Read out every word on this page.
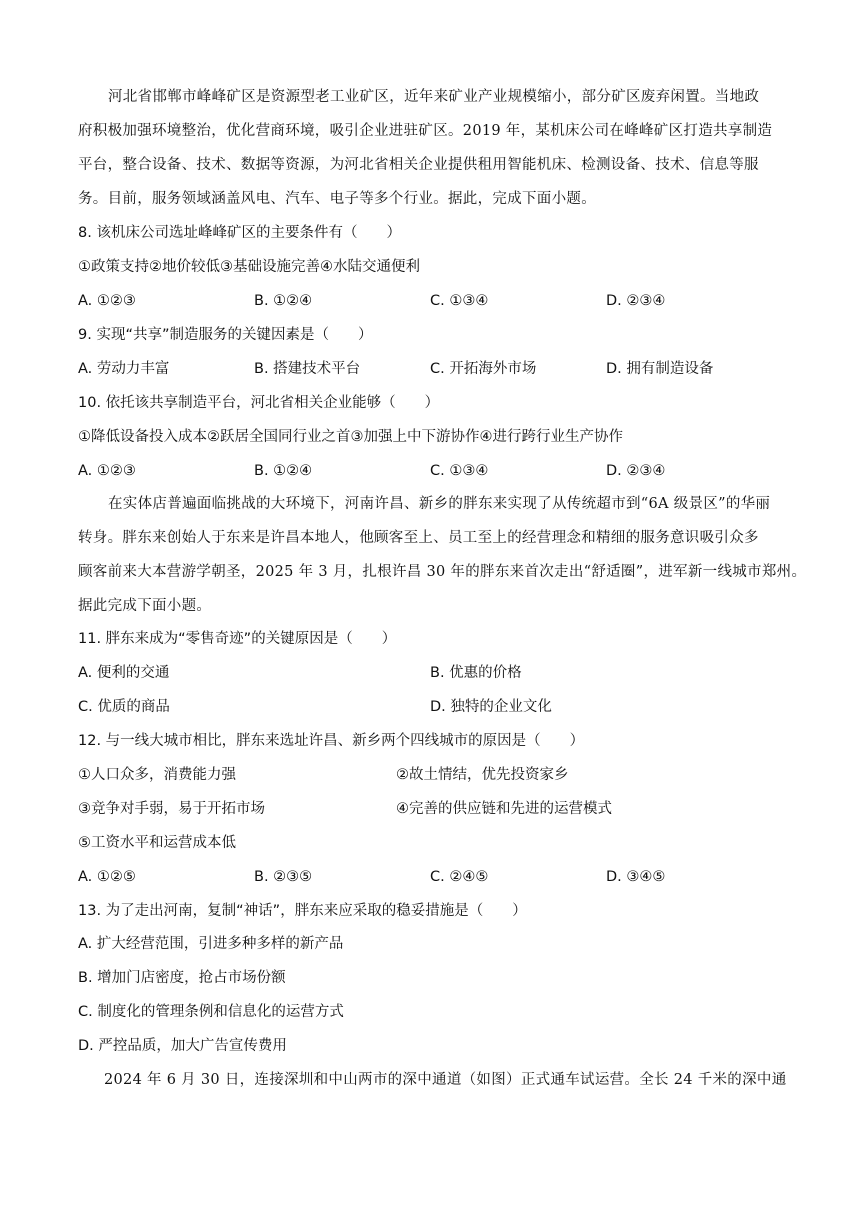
河北省邯郸市峰峰矿区是资源型老工业矿区，近年来矿业产业规模缩小，部分矿区废弃闲置。当地政
府积极加强环境整治，优化营商环境，吸引企业进驻矿区。2019 年，某机床公司在峰峰矿区打造共享制造
平台，整合设备、技术、数据等资源，为河北省相关企业提供租用智能机床、检测设备、技术、信息等服
务。目前，服务领域涵盖风电、汽车、电子等多个行业。据此，完成下面小题。
8. 该机床公司选址峰峰矿区的主要条件有（　　）
①政策支持②地价较低③基础设施完善④水陆交通便利
A. ①②③	B. ①②④	C. ①③④	D. ②③④
9. 实现“共享”制造服务的关键因素是（　　）
A. 劳动力丰富	B. 搭建技术平台	C. 开拓海外市场	D. 拥有制造设备
10. 依托该共享制造平台，河北省相关企业能够（　　）
①降低设备投入成本②跃居全国同行业之首③加强上中下游协作④进行跨行业生产协作
A. ①②③	B. ①②④	C. ①③④	D. ②③④
在实体店普遍面临挑战的大环境下，河南许昌、新乡的胖东来实现了从传统超市到“6A 级景区”的华丽
转身。胖东来创始人于东来是许昌本地人，他顾客至上、员工至上的经营理念和精细的服务意识吸引众多
顾客前来大本营游学朝圣，2025 年 3 月，扎根许昌 30 年的胖东来首次走出“舒适圈”，进军新一线城市郑州。
据此完成下面小题。
11. 胖东来成为“零售奇迹”的关键原因是（　　）
A. 便利的交通	B. 优惠的价格
C. 优质的商品	D. 独特的企业文化
12. 与一线大城市相比，胖东来选址许昌、新乡两个四线城市的原因是（　　）
①人口众多，消费能力强	②故土情结，优先投资家乡
③竞争对手弱，易于开拓市场	④完善的供应链和先进的运营模式
⑤工资水平和运营成本低
A. ①②⑤	B. ②③⑤	C. ②④⑤	D. ③④⑤
13. 为了走出河南，复制“神话”，胖东来应采取的稳妥措施是（　　）
A. 扩大经营范围，引进多种多样的新产品
B. 增加门店密度，抢占市场份额
C. 制度化的管理条例和信息化的运营方式
D. 严控品质，加大广告宣传费用
2024 年 6 月 30 日，连接深圳和中山两市的深中通道（如图）正式通车试运营。全长 24 千米的深中通
